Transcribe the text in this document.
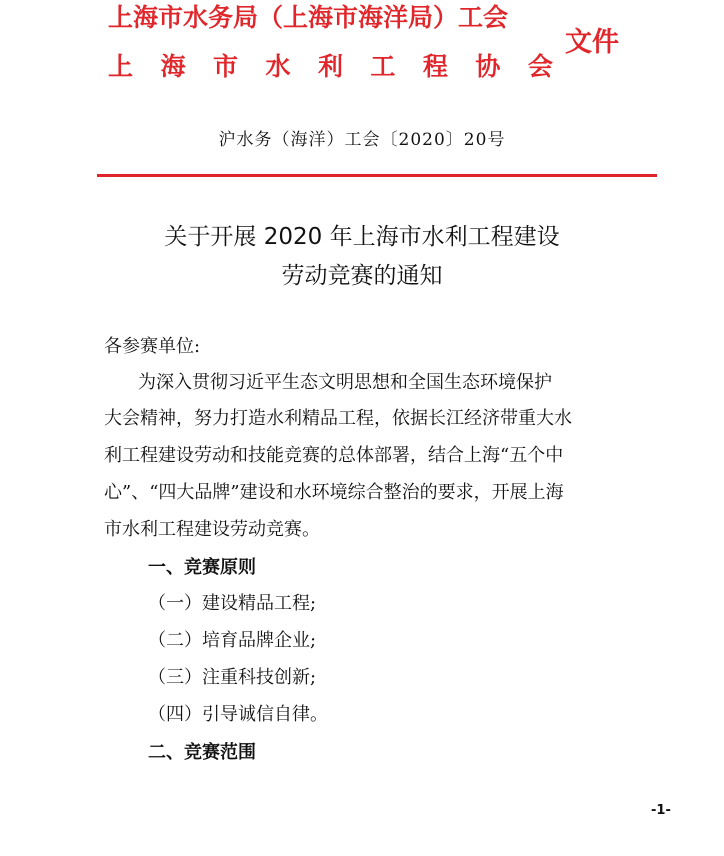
上海市水务局（上海市海洋局）工会
上 海 市 水 利 工 程 协 会
文件
沪水务（海洋）工会〔2020〕20号
关于开展 2020 年上海市水利工程建设
劳动竞赛的通知
各参赛单位:
为深入贯彻习近平生态文明思想和全国生态环境保护
大会精神，努力打造水利精品工程，依据长江经济带重大水
利工程建设劳动和技能竞赛的总体部署，结合上海“五个中
心”、“四大品牌”建设和水环境综合整治的要求，开展上海
市水利工程建设劳动竞赛。
一、竞赛原则
（一）建设精品工程;
（二）培育品牌企业;
（三）注重科技创新;
（四）引导诚信自律。
二、竞赛范围
-1-
